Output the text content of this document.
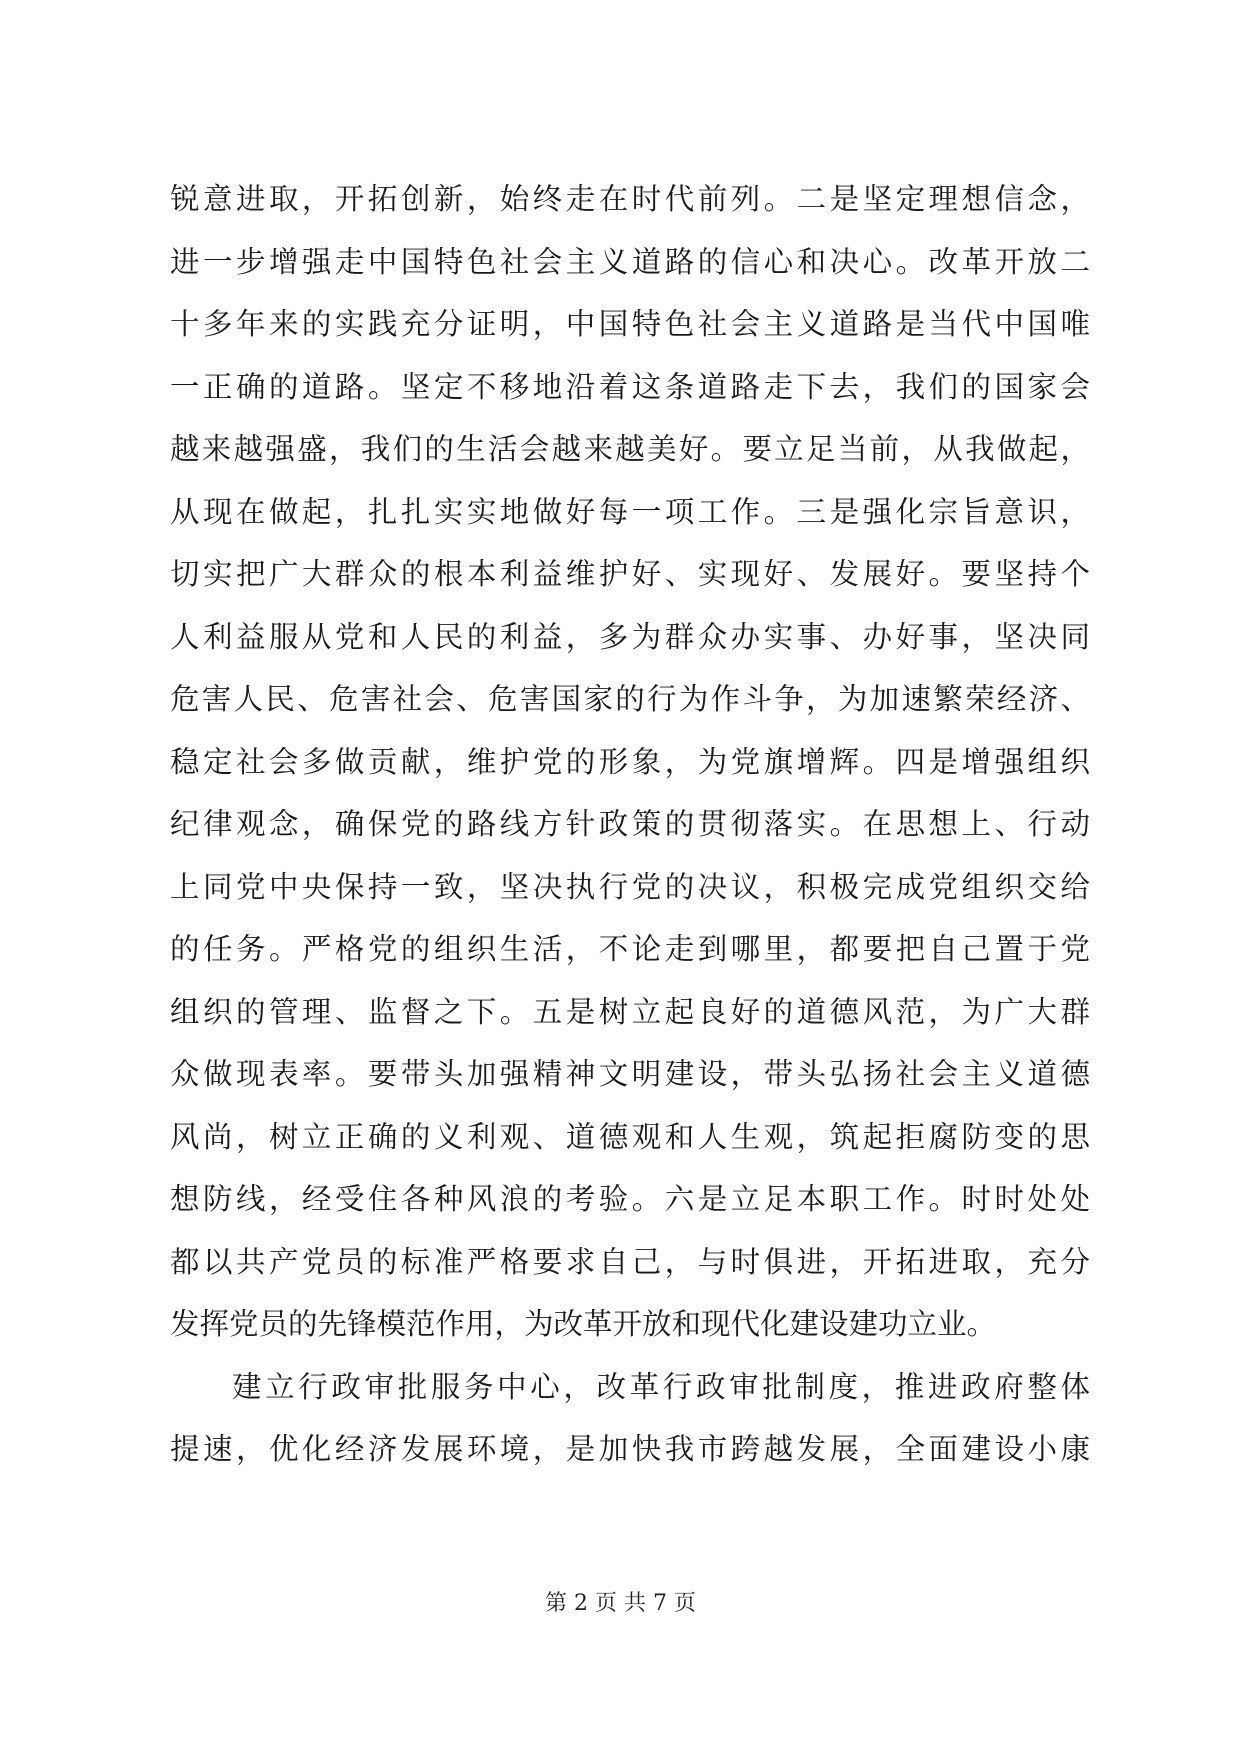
锐意进取，开拓创新，始终走在时代前列。二是坚定理想信念，
进一步增强走中国特色社会主义道路的信心和决心。改革开放二
十多年来的实践充分证明，中国特色社会主义道路是当代中国唯
一正确的道路。坚定不移地沿着这条道路走下去，我们的国家会
越来越强盛，我们的生活会越来越美好。要立足当前，从我做起，
从现在做起，扎扎实实地做好每一项工作。三是强化宗旨意识，
切实把广大群众的根本利益维护好、实现好、发展好。要坚持个
人利益服从党和人民的利益，多为群众办实事、办好事，坚决同
危害人民、危害社会、危害国家的行为作斗争，为加速繁荣经济、
稳定社会多做贡献，维护党的形象，为党旗增辉。四是增强组织
纪律观念，确保党的路线方针政策的贯彻落实。在思想上、行动
上同党中央保持一致，坚决执行党的决议，积极完成党组织交给
的任务。严格党的组织生活，不论走到哪里，都要把自己置于党
组织的管理、监督之下。五是树立起良好的道德风范，为广大群
众做现表率。要带头加强精神文明建设，带头弘扬社会主义道德
风尚，树立正确的义利观、道德观和人生观，筑起拒腐防变的思
想防线，经受住各种风浪的考验。六是立足本职工作。时时处处
都以共产党员的标准严格要求自己，与时俱进，开拓进取，充分
发挥党员的先锋模范作用，为改革开放和现代化建设建功立业。
建立行政审批服务中心，改革行政审批制度，推进政府整体
提速，优化经济发展环境，是加快我市跨越发展，全面建设小康
第 2 页 共 7 页
